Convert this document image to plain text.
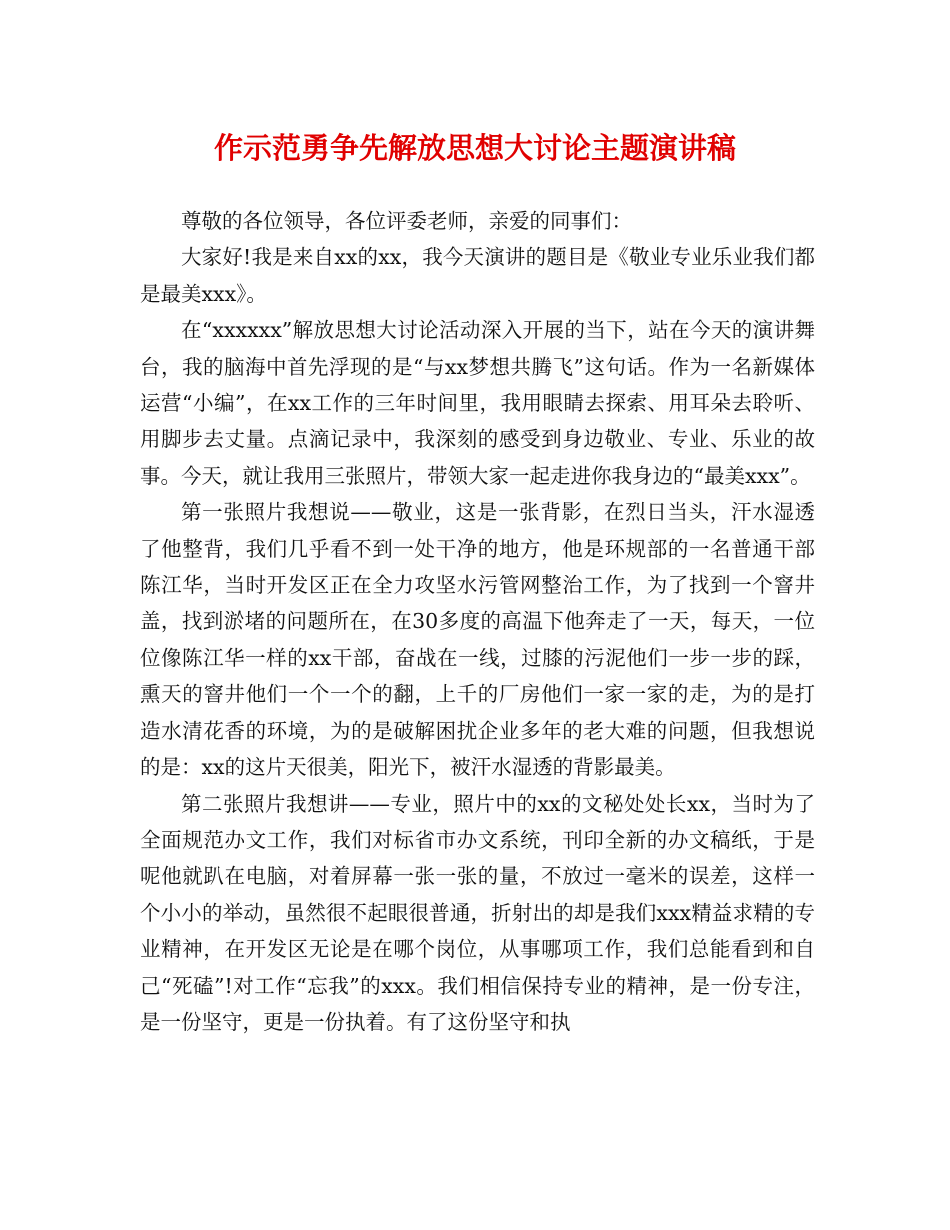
作示范勇争先解放思想大讨论主题演讲稿

尊敬的各位领导，各位评委老师，亲爱的同事们：

大家好!我是来自xx的xx，我今天演讲的题目是《敬业专业乐业我们都是最美xxx》。

在“xxxxxx”解放思想大讨论活动深入开展的当下，站在今天的演讲舞台，我的脑海中首先浮现的是“与xx梦想共腾飞”这句话。作为一名新媒体运营“小编”，在xx工作的三年时间里，我用眼睛去探索、用耳朵去聆听、用脚步去丈量。点滴记录中，我深刻的感受到身边敬业、专业、乐业的故事。今天，就让我用三张照片，带领大家一起走进你我身边的“最美xxx”。

第一张照片我想说——敬业，这是一张背影，在烈日当头，汗水湿透了他整背，我们几乎看不到一处干净的地方，他是环规部的一名普通干部陈江华，当时开发区正在全力攻坚水污管网整治工作，为了找到一个窨井盖，找到淤堵的问题所在，在30多度的高温下他奔走了一天，每天，一位位像陈江华一样的xx干部，奋战在一线，过膝的污泥他们一步一步的踩，熏天的窨井他们一个一个的翻，上千的厂房他们一家一家的走，为的是打造水清花香的环境，为的是破解困扰企业多年的老大难的问题，但我想说的是：xx的这片天很美，阳光下，被汗水湿透的背影最美。

第二张照片我想讲——专业，照片中的xx的文秘处处长xx，当时为了全面规范办文工作，我们对标省市办文系统，刊印全新的办文稿纸，于是呢他就趴在电脑，对着屏幕一张一张的量，不放过一毫米的误差，这样一个小小的举动，虽然很不起眼很普通，折射出的却是我们xxx精益求精的专业精神，在开发区无论是在哪个岗位，从事哪项工作，我们总能看到和自己“死磕”!对工作“忘我”的xxx。我们相信保持专业的精神，是一份专注，是一份坚守，更是一份执着。有了这份坚守和执
